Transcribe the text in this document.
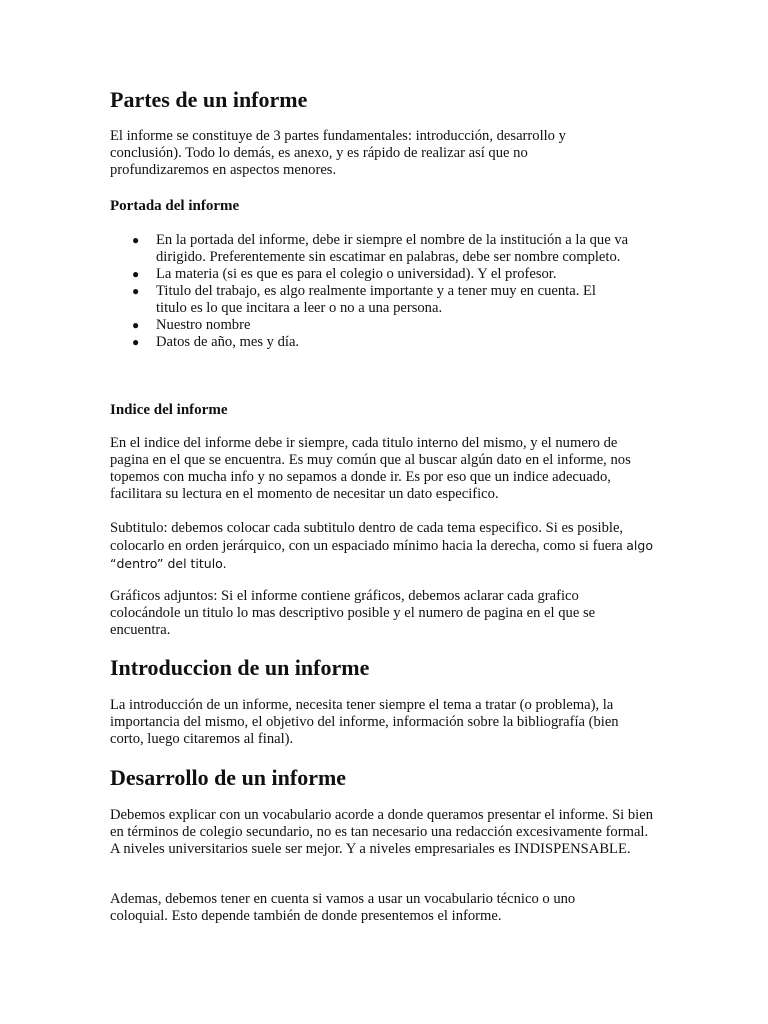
Partes de un informe

El informe se constituye de 3 partes fundamentales: introducción, desarrollo y conclusión). Todo lo demás, es anexo, y es rápido de realizar así que no profundizaremos en aspectos menores.

Portada del informe
● En la portada del informe, debe ir siempre el nombre de la institución a la que va dirigido. Preferentemente sin escatimar en palabras, debe ser nombre completo.
● La materia (si es que es para el colegio o universidad). Y el profesor.
● Titulo del trabajo, es algo realmente importante y a tener muy en cuenta. El titulo es lo que incitara a leer o no a una persona.
● Nuestro nombre
● Datos de año, mes y día.
Indice del informe

En el indice del informe debe ir siempre, cada titulo interno del mismo, y el numero de pagina en el que se encuentra. Es muy común que al buscar algún dato en el informe, nos topemos con mucha info y no sepamos a donde ir. Es por eso que un indice adecuado, facilitara su lectura en el momento de necesitar un dato especifico.

Subtitulo: debemos colocar cada subtitulo dentro de cada tema especifico. Si es posible, colocarlo en orden jerárquico, con un espaciado mínimo hacia la derecha, como si fuera algo “dentro” del titulo.

Gráficos adjuntos: Si el informe contiene gráficos, debemos aclarar cada grafico colocándole un titulo lo mas descriptivo posible y el numero de pagina en el que se encuentra.

Introduccion de un informe

La introducción de un informe, necesita tener siempre el tema a tratar (o problema), la importancia del mismo, el objetivo del informe, información sobre la bibliografía (bien corto, luego citaremos al final).

Desarrollo de un informe

Debemos explicar con un vocabulario acorde a donde queramos presentar el informe. Si bien en términos de colegio secundario, no es tan necesario una redacción excesivamente formal. A niveles universitarios suele ser mejor. Y a niveles empresariales es INDISPENSABLE.

Ademas, debemos tener en cuenta si vamos a usar un vocabulario técnico o uno coloquial. Esto depende también de donde presentemos el informe.
